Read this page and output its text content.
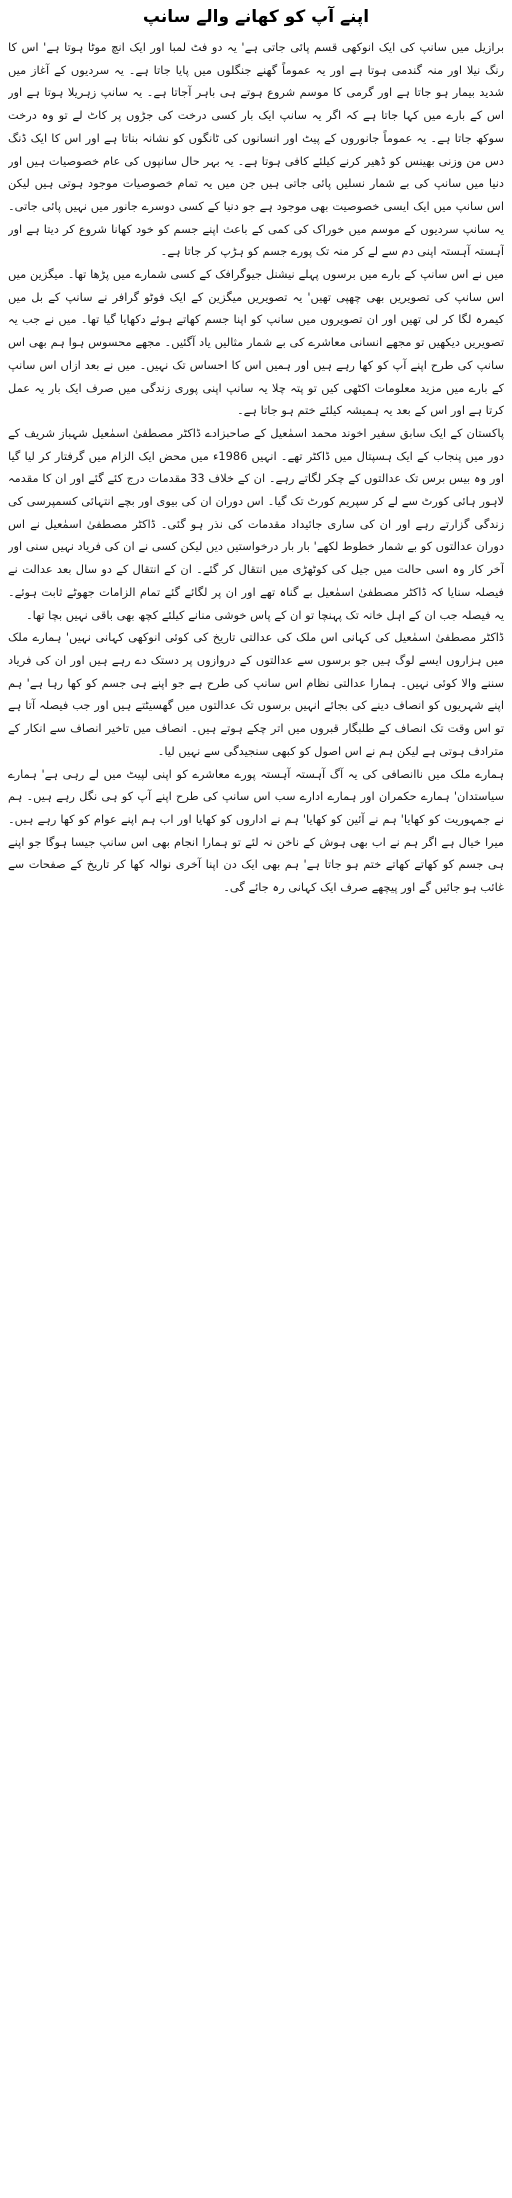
اپنے آپ کو کھانے والے سانپ

برازیل میں سانپ کی ایک انوکھی قسم پائی جاتی ہے' یہ دو فٹ لمبا اور ایک انچ موٹا ہوتا ہے' اس کا رنگ نیلا اور منہ گندمی ہوتا ہے اور یہ عموماً گھنے جنگلوں میں پایا جاتا ہے۔ یہ سردیوں کے آغاز میں شدید بیمار ہو جاتا ہے اور گرمی کا موسم شروع ہوتے ہی باہر آجاتا ہے۔ یہ سانپ زہریلا ہوتا ہے اور اس کے بارے میں کہا جاتا ہے کہ اگر یہ سانپ ایک بار کسی درخت کی جڑوں پر کاٹ لے تو وہ درخت سوکھ جاتا ہے۔ یہ عموماً جانوروں کے پیٹ اور انسانوں کی ٹانگوں کو نشانہ بناتا ہے اور اس کا ایک ڈنگ دس من وزنی بھینس کو ڈھیر کرنے کیلئے کافی ہوتا ہے۔ یہ بہر حال سانپوں کی عام خصوصیات ہیں اور دنیا میں سانپ کی بے شمار نسلیں پائی جاتی ہیں جن میں یہ تمام خصوصیات موجود ہوتی ہیں لیکن اس سانپ میں ایک ایسی خصوصیت بھی موجود ہے جو دنیا کے کسی دوسرے جانور میں نہیں پائی جاتی۔ یہ سانپ سردیوں کے موسم میں خوراک کی کمی کے باعث اپنے جسم کو خود کھانا شروع کر دیتا ہے اور آہستہ آہستہ اپنی دم سے لے کر منہ تک پورے جسم کو ہڑپ کر جاتا ہے۔

میں نے اس سانپ کے بارے میں برسوں پہلے نیشنل جیوگرافک کے کسی شمارے میں پڑھا تھا۔ میگزین میں اس سانپ کی تصویریں بھی چھپی تھیں' یہ تصویریں میگزین کے ایک فوٹو گرافر نے سانپ کے بل میں کیمرہ لگا کر لی تھیں اور ان تصویروں میں سانپ کو اپنا جسم کھاتے ہوئے دکھایا گیا تھا۔ میں نے جب یہ تصویریں دیکھیں تو مجھے انسانی معاشرے کی بے شمار مثالیں یاد آگئیں۔ مجھے محسوس ہوا ہم بھی اس سانپ کی طرح اپنے آپ کو کھا رہے ہیں اور ہمیں اس کا احساس تک نہیں۔ میں نے بعد ازاں اس سانپ کے بارے میں مزید معلومات اکٹھی کیں تو پتہ چلا یہ سانپ اپنی پوری زندگی میں صرف ایک بار یہ عمل کرتا ہے اور اس کے بعد یہ ہمیشہ کیلئے ختم ہو جاتا ہے۔

پاکستان کے ایک سابق سفیر اخوند محمد اسمٰعیل کے صاحبزادے ڈاکٹر مصطفیٰ اسمٰعیل شہباز شریف کے دور میں پنجاب کے ایک ہسپتال میں ڈاکٹر تھے۔ انہیں 1986ء میں محض ایک الزام میں گرفتار کر لیا گیا اور وہ بیس برس تک عدالتوں کے چکر لگاتے رہے۔ ان کے خلاف 33 مقدمات درج کئے گئے اور ان کا مقدمہ لاہور ہائی کورٹ سے لے کر سپریم کورٹ تک گیا۔ اس دوران ان کی بیوی اور بچے انتہائی کسمپرسی کی زندگی گزارتے رہے اور ان کی ساری جائیداد مقدمات کی نذر ہو گئی۔ ڈاکٹر مصطفیٰ اسمٰعیل نے اس دوران عدالتوں کو بے شمار خطوط لکھے' بار بار درخواستیں دیں لیکن کسی نے ان کی فریاد نہیں سنی اور آخر کار وہ اسی حالت میں جیل کی کوٹھڑی میں انتقال کر گئے۔ ان کے انتقال کے دو سال بعد عدالت نے فیصلہ سنایا کہ ڈاکٹر مصطفیٰ اسمٰعیل بے گناہ تھے اور ان پر لگائے گئے تمام الزامات جھوٹے ثابت ہوئے۔ یہ فیصلہ جب ان کے اہل خانہ تک پہنچا تو ان کے پاس خوشی منانے کیلئے کچھ بھی باقی نہیں بچا تھا۔

ڈاکٹر مصطفیٰ اسمٰعیل کی کہانی اس ملک کی عدالتی تاریخ کی کوئی انوکھی کہانی نہیں' ہمارے ملک میں ہزاروں ایسے لوگ ہیں جو برسوں سے عدالتوں کے دروازوں پر دستک دے رہے ہیں اور ان کی فریاد سننے والا کوئی نہیں۔ ہمارا عدالتی نظام اس سانپ کی طرح ہے جو اپنے ہی جسم کو کھا رہا ہے' ہم اپنے شہریوں کو انصاف دینے کی بجائے انہیں برسوں تک عدالتوں میں گھسیٹتے ہیں اور جب فیصلہ آتا ہے تو اس وقت تک انصاف کے طلبگار قبروں میں اتر چکے ہوتے ہیں۔ انصاف میں تاخیر انصاف سے انکار کے مترادف ہوتی ہے لیکن ہم نے اس اصول کو کبھی سنجیدگی سے نہیں لیا۔

ہمارے ملک میں ناانصافی کی یہ آگ آہستہ آہستہ پورے معاشرے کو اپنی لپیٹ میں لے رہی ہے' ہمارے سیاستدان' ہمارے حکمران اور ہمارے ادارے سب اس سانپ کی طرح اپنے آپ کو ہی نگل رہے ہیں۔ ہم نے جمہوریت کو کھایا' ہم نے آئین کو کھایا' ہم نے اداروں کو کھایا اور اب ہم اپنے عوام کو کھا رہے ہیں۔ میرا خیال ہے اگر ہم نے اب بھی ہوش کے ناخن نہ لئے تو ہمارا انجام بھی اس سانپ جیسا ہوگا جو اپنے ہی جسم کو کھاتے کھاتے ختم ہو جاتا ہے' ہم بھی ایک دن اپنا آخری نوالہ کھا کر تاریخ کے صفحات سے غائب ہو جائیں گے اور پیچھے صرف ایک کہانی رہ جائے گی۔
